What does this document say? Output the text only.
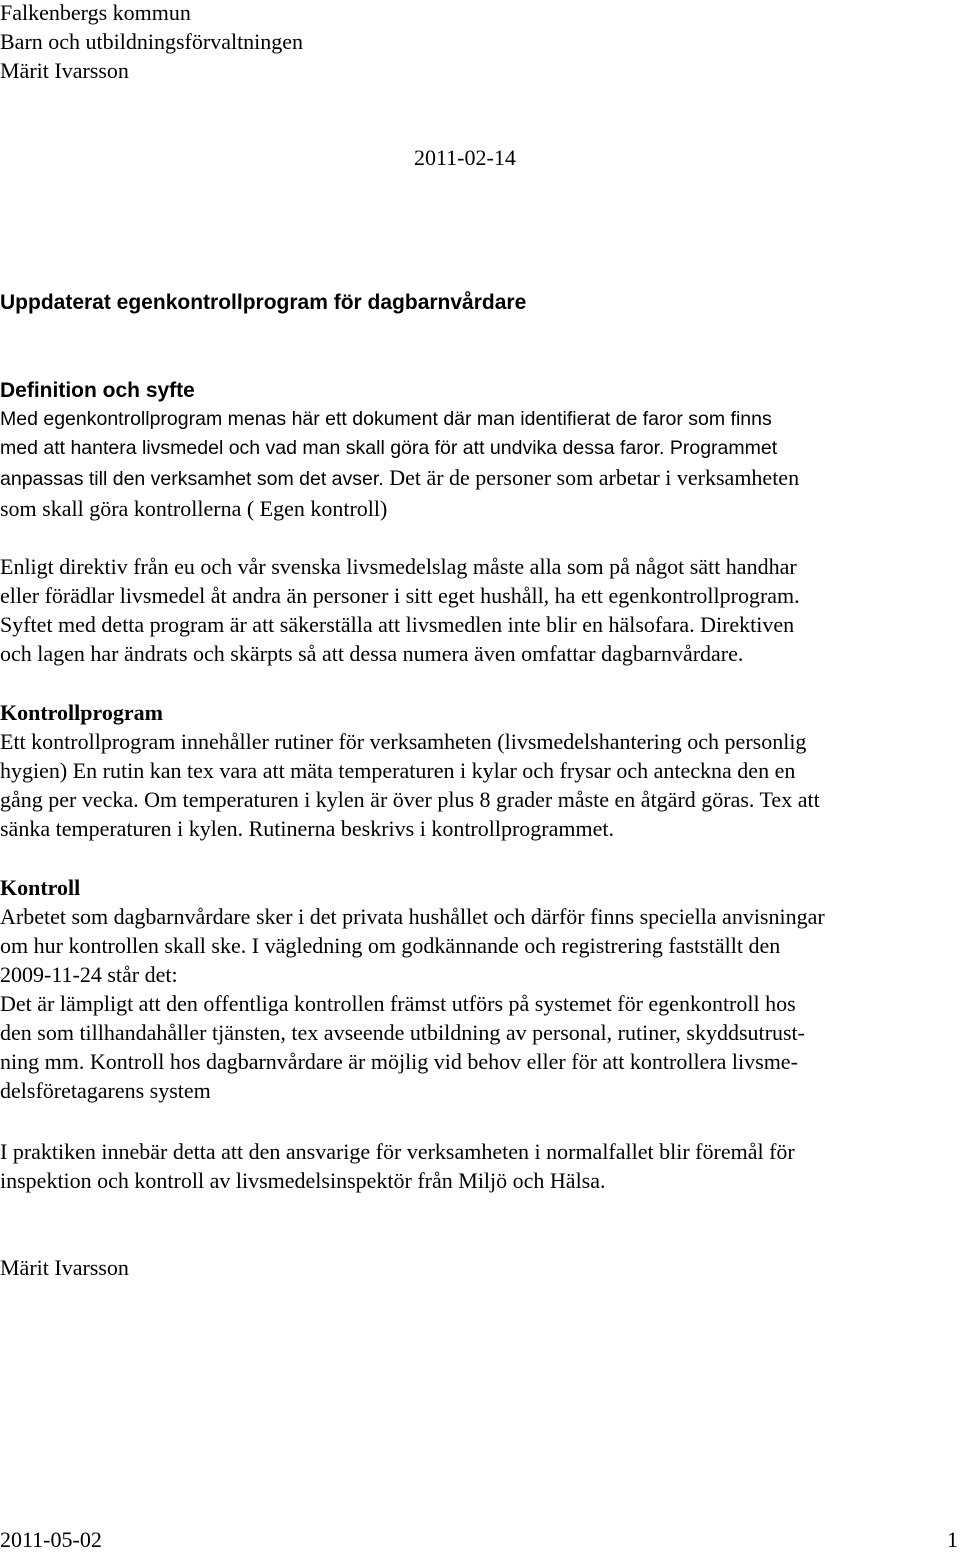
Falkenbergs kommun
Barn och utbildningsförvaltningen
Märit Ivarsson
2011-02-14
Uppdaterat egenkontrollprogram för dagbarnvårdare
Definition och syfte
Med egenkontrollprogram menas här ett dokument där man identifierat de faror som finns
med att hantera livsmedel och vad man skall göra för att undvika dessa faror. Programmet
anpassas till den verksamhet som det avser. Det är de personer som arbetar i verksamheten
som skall göra kontrollerna ( Egen kontroll)
Enligt direktiv från eu och vår svenska livsmedelslag måste alla som på något sätt handhar
eller förädlar livsmedel åt andra än personer i sitt eget hushåll, ha ett egenkontrollprogram.
Syftet med detta program är att säkerställa att livsmedlen inte blir en hälsofara. Direktiven
och lagen har ändrats och skärpts så att dessa numera även omfattar dagbarnvårdare.
Kontrollprogram
Ett kontrollprogram innehåller rutiner för verksamheten (livsmedelshantering och personlig
hygien) En rutin kan tex vara att mäta temperaturen i kylar och frysar och anteckna den en
gång per vecka. Om temperaturen i kylen är över plus 8 grader måste en åtgärd göras. Tex att
sänka temperaturen i kylen. Rutinerna beskrivs i kontrollprogrammet.
Kontroll
Arbetet som dagbarnvårdare sker i det privata hushållet och därför finns speciella anvisningar
om hur kontrollen skall ske. I vägledning om godkännande och registrering fastställt den
2009-11-24 står det:
Det är lämpligt att den offentliga kontrollen främst utförs på systemet för egenkontroll hos
den som tillhandahåller tjänsten, tex avseende utbildning av personal, rutiner, skyddsutrust-
ning mm. Kontroll hos dagbarnvårdare är möjlig vid behov eller för att kontrollera livsme-
delsföretagarens system
I praktiken innebär detta att den ansvarige för verksamheten i normalfallet blir föremål för
inspektion och kontroll av livsmedelsinspektör från Miljö och Hälsa.
Märit Ivarsson
2011-05-02	1
